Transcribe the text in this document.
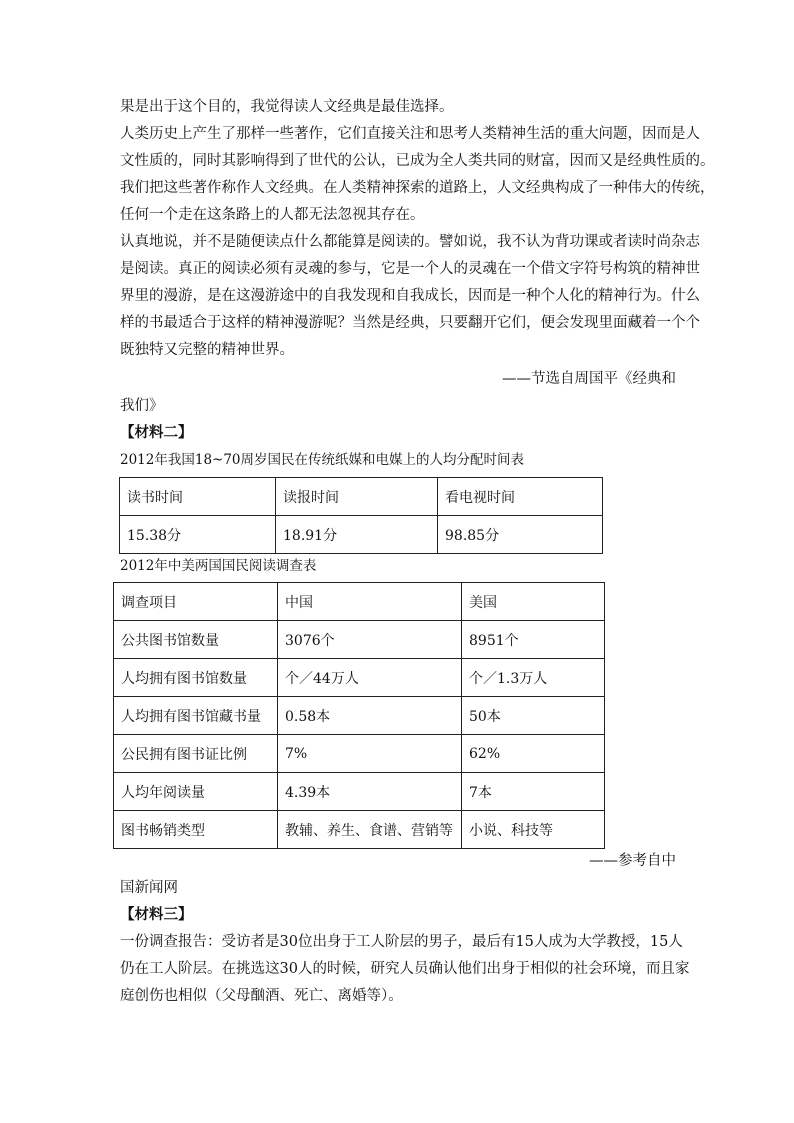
果是出于这个目的，我觉得读人文经典是最佳选择。
人类历史上产生了那样一些著作，它们直接关注和思考人类精神生活的重大问题，因而是人
文性质的，同时其影响得到了世代的公认，已成为全人类共同的财富，因而又是经典性质的。
我们把这些著作称作人文经典。在人类精神探索的道路上，人文经典构成了一种伟大的传统，
任何一个走在这条路上的人都无法忽视其存在。
认真地说，并不是随便读点什么都能算是阅读的。譬如说，我不认为背功课或者读时尚杂志
是阅读。真正的阅读必须有灵魂的参与，它是一个人的灵魂在一个借文字符号构筑的精神世
界里的漫游，是在这漫游途中的自我发现和自我成长，因而是一种个人化的精神行为。什么
样的书最适合于这样的精神漫游呢？当然是经典，只要翻开它们，便会发现里面藏着一个个
既独特又完整的精神世界。
——节选自周国平《经典和
我们》
【材料二】
2012年我国18~70周岁国民在传统纸媒和电媒上的人均分配时间表
读书时间	读报时间	看电视时间
15.38分	18.91分	98.85分
2012年中美两国国民阅读调查表
调查项目	中国	美国
公共图书馆数量	3076个	8951个
人均拥有图书馆数量	个／44万人	个／1.3万人
人均拥有图书馆藏书量	0.58本	50本
公民拥有图书证比例	7%	62%
人均年阅读量	4.39本	7本
图书畅销类型	教辅、养生、食谱、营销等	小说、科技等
——参考自中
国新闻网
【材料三】
一份调查报告：受访者是30位出身于工人阶层的男子，最后有15人成为大学教授，15人
仍在工人阶层。在挑选这30人的时候，研究人员确认他们出身于相似的社会环境，而且家
庭创伤也相似（父母酗酒、死亡、离婚等）。
